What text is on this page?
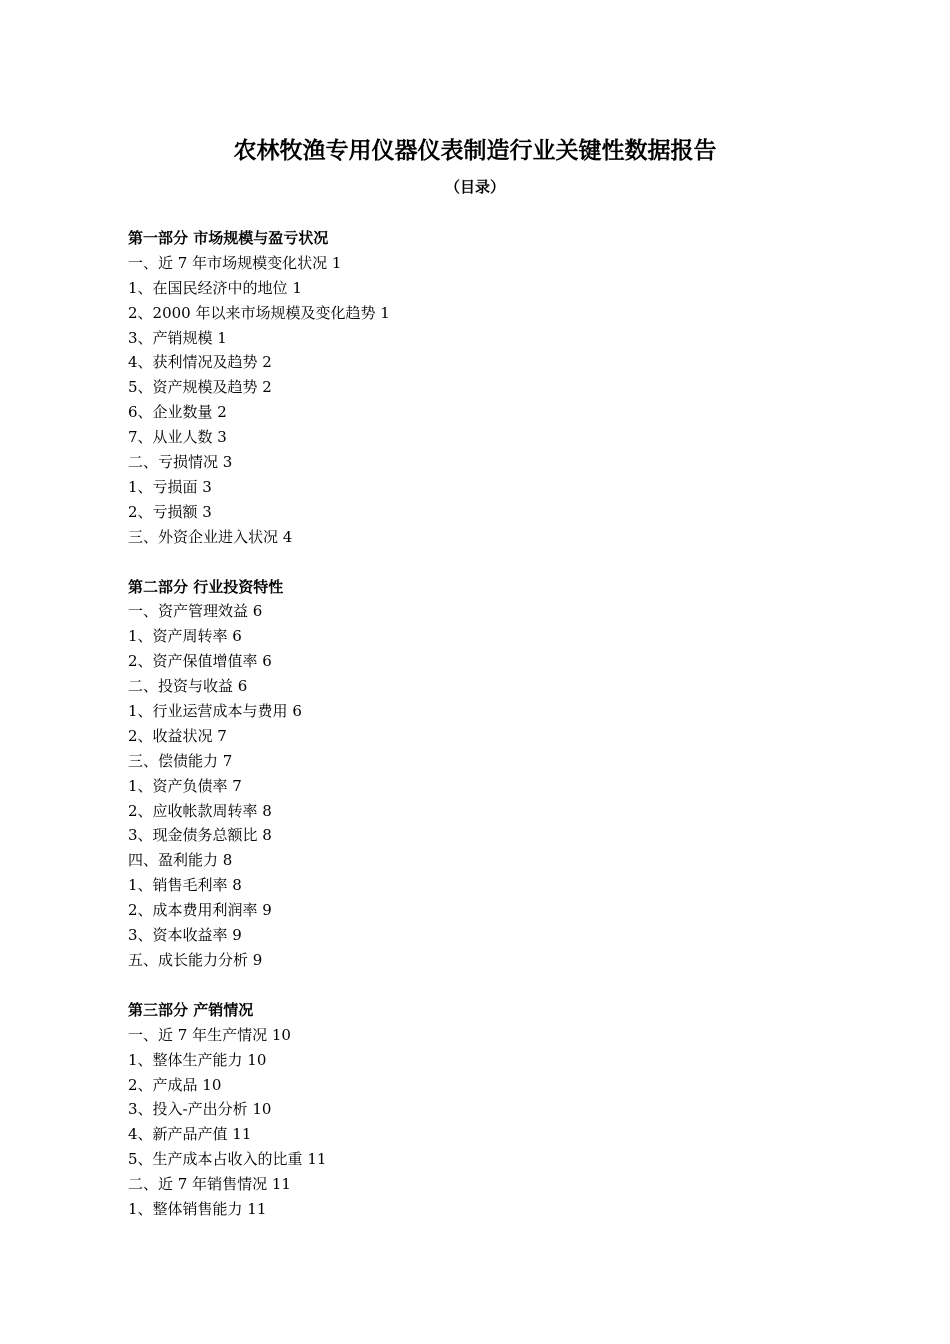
农林牧渔专用仪器仪表制造行业关键性数据报告
（目录）
第一部分 市场规模与盈亏状况
一、近 7 年市场规模变化状况 1
1、在国民经济中的地位 1
2、2000 年以来市场规模及变化趋势 1
3、产销规模 1
4、获利情况及趋势 2
5、资产规模及趋势 2
6、企业数量 2
7、从业人数 3
二、亏损情况 3
1、亏损面 3
2、亏损额 3
三、外资企业进入状况 4
第二部分 行业投资特性
一、资产管理效益 6
1、资产周转率 6
2、资产保值增值率 6
二、投资与收益 6
1、行业运营成本与费用 6
2、收益状况 7
三、偿债能力 7
1、资产负债率 7
2、应收帐款周转率 8
3、现金债务总额比 8
四、盈利能力 8
1、销售毛利率 8
2、成本费用利润率 9
3、资本收益率 9
五、成长能力分析 9
第三部分 产销情况
一、近 7 年生产情况 10
1、整体生产能力 10
2、产成品 10
3、投入-产出分析 10
4、新产品产值 11
5、生产成本占收入的比重 11
二、近 7 年销售情况 11
1、整体销售能力 11
